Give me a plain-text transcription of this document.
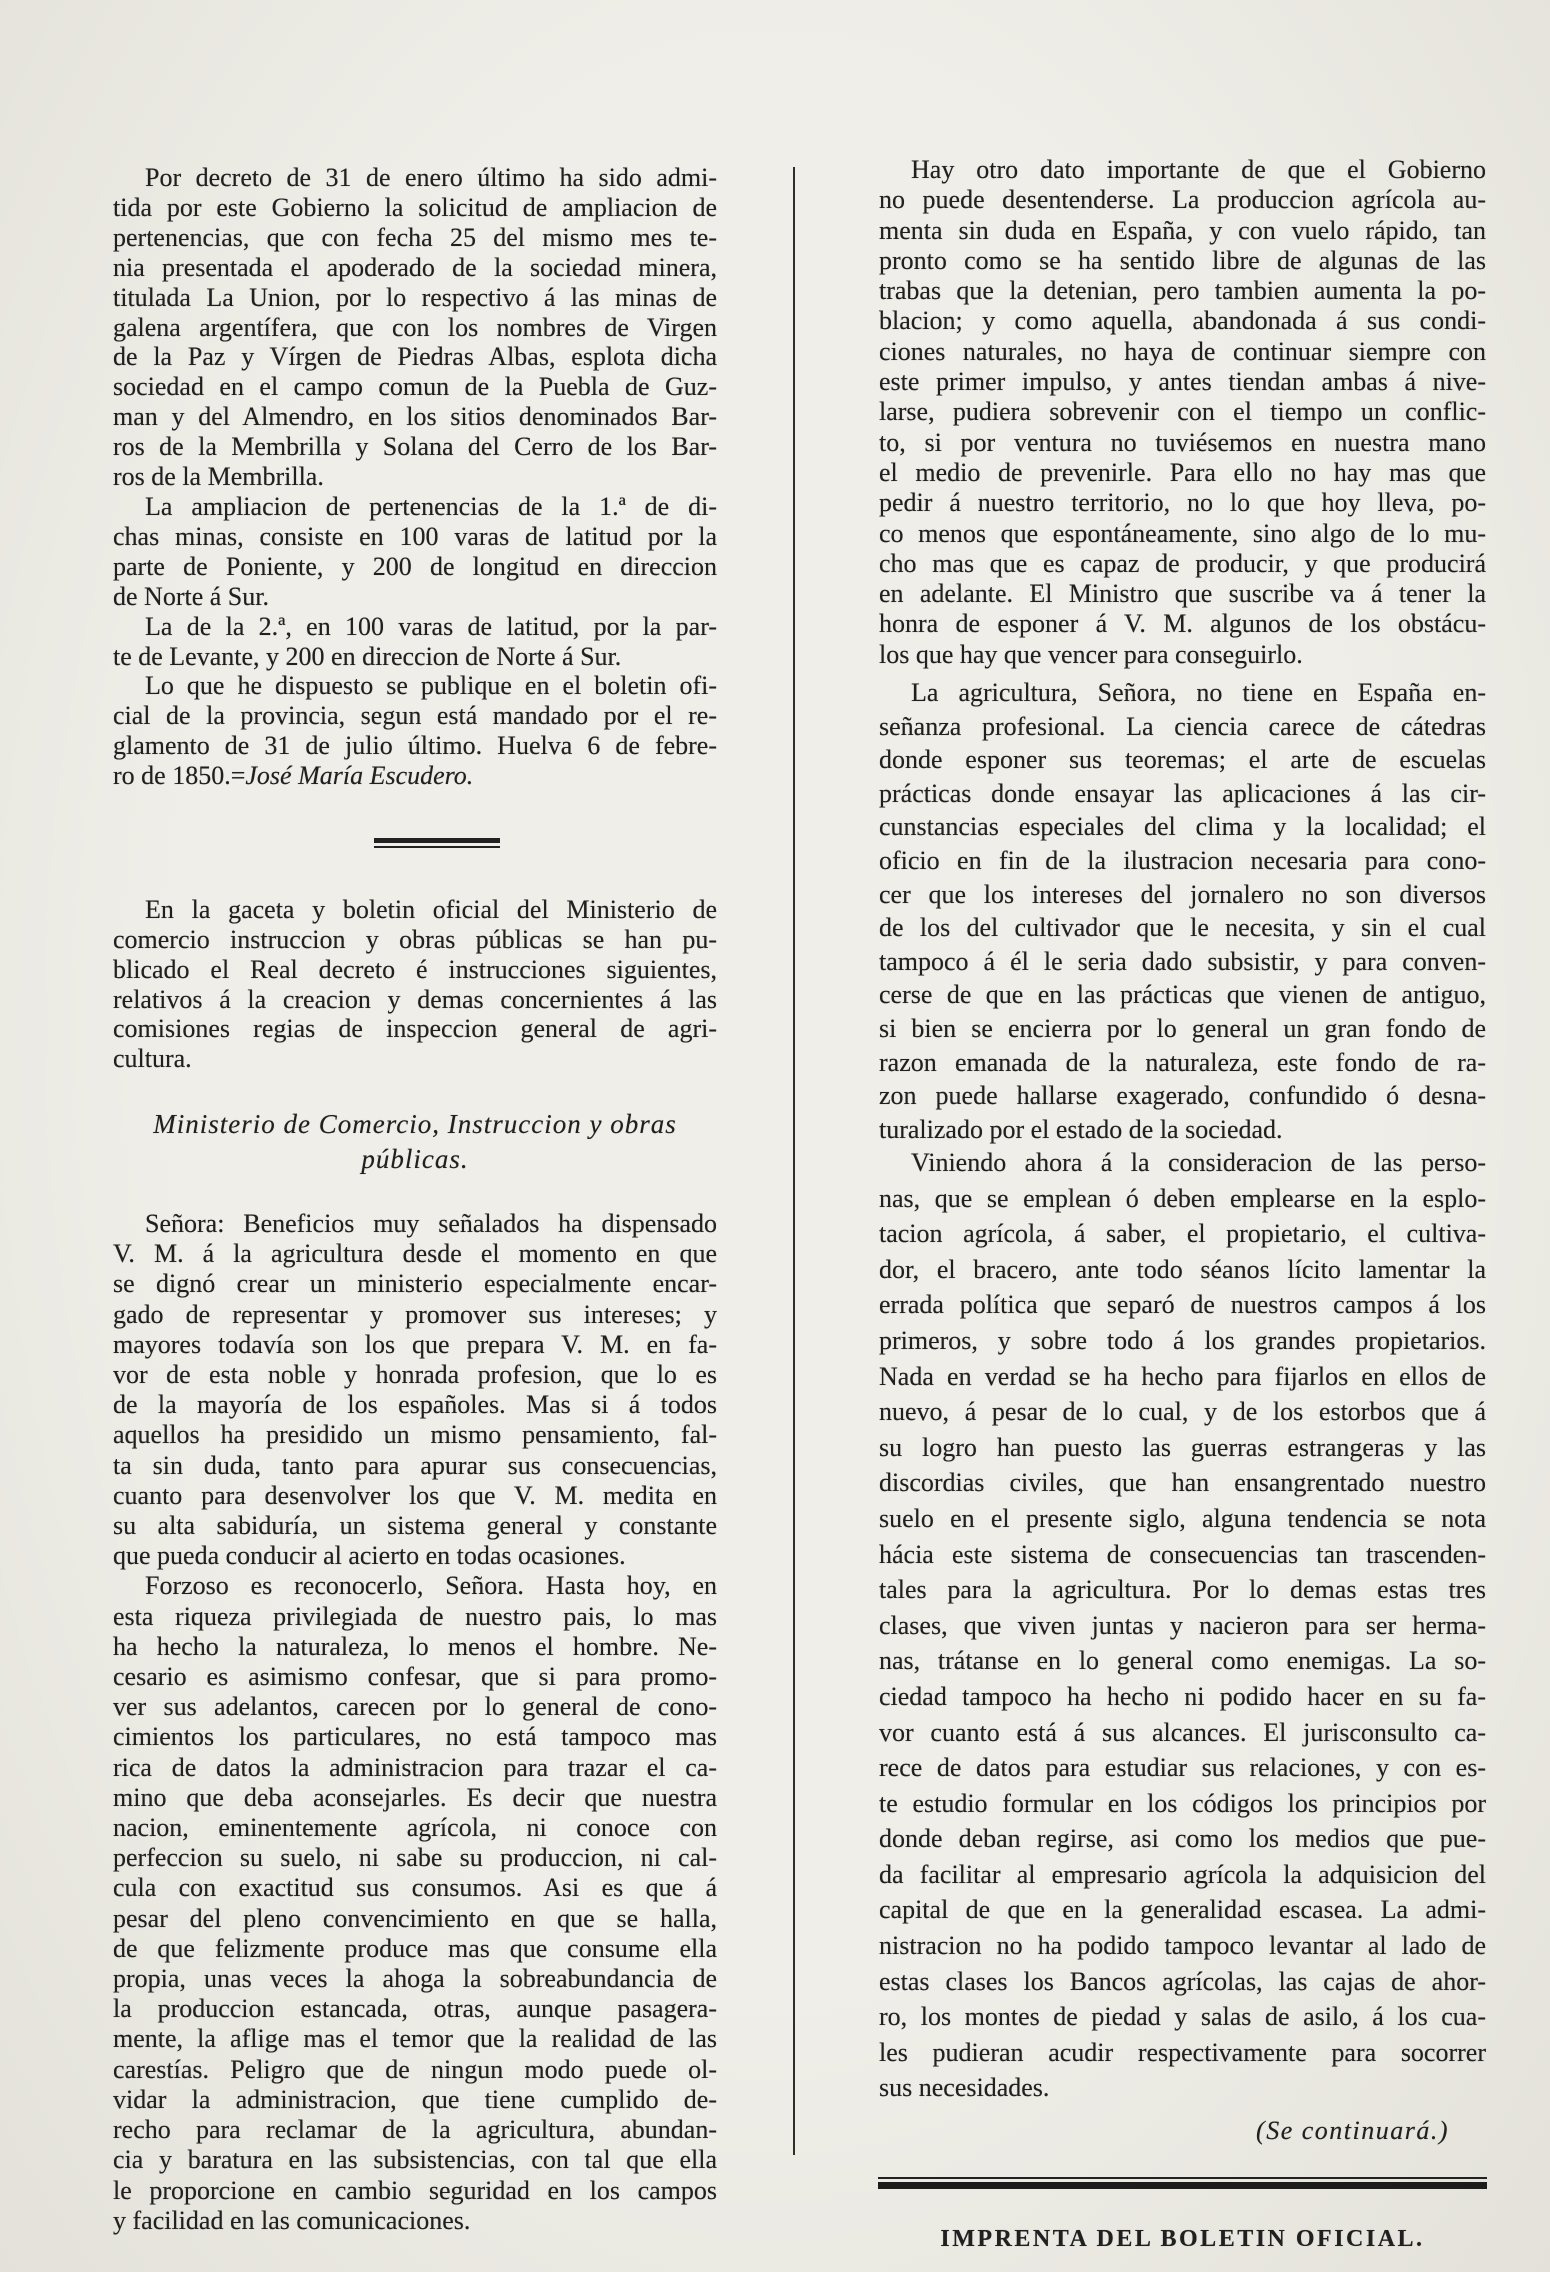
Por decreto de 31 de enero último ha sido admi-
tida por este Gobierno la solicitud de ampliacion de
pertenencias, que con fecha 25 del mismo mes te-
nia presentada el apoderado de la sociedad minera,
titulada La Union, por lo respectivo á las minas de
galena argentífera, que con los nombres de Virgen
de la Paz y Vírgen de Piedras Albas, esplota dicha
sociedad en el campo comun de la Puebla de Guz-
man y del Almendro, en los sitios denominados Bar-
ros de la Membrilla y Solana del Cerro de los Bar-
ros de la Membrilla.
La ampliacion de pertenencias de la 1.ª de di-
chas minas, consiste en 100 varas de latitud por la
parte de Poniente, y 200 de longitud en direccion
de Norte á Sur.
La de la 2.ª, en 100 varas de latitud, por la par-
te de Levante, y 200 en direccion de Norte á Sur.
Lo que he dispuesto se publique en el boletin ofi-
cial de la provincia, segun está mandado por el re-
glamento de 31 de julio último. Huelva 6 de febre-
ro de 1850.=José María Escudero.
En la gaceta y boletin oficial del Ministerio de
comercio instruccion y obras públicas se han pu-
blicado el Real decreto é instrucciones siguientes,
relativos á la creacion y demas concernientes á las
comisiones regias de inspeccion general de agri-
cultura.
Ministerio de Comercio, Instruccion y obras
públicas.
Señora: Beneficios muy señalados ha dispensado
V. M. á la agricultura desde el momento en que
se dignó crear un ministerio especialmente encar-
gado de representar y promover sus intereses; y
mayores todavía son los que prepara V. M. en fa-
vor de esta noble y honrada profesion, que lo es
de la mayoría de los españoles. Mas si á todos
aquellos ha presidido un mismo pensamiento, fal-
ta sin duda, tanto para apurar sus consecuencias,
cuanto para desenvolver los que V. M. medita en
su alta sabiduría, un sistema general y constante
que pueda conducir al acierto en todas ocasiones.
Forzoso es reconocerlo, Señora. Hasta hoy, en
esta riqueza privilegiada de nuestro pais, lo mas
ha hecho la naturaleza, lo menos el hombre. Ne-
cesario es asimismo confesar, que si para promo-
ver sus adelantos, carecen por lo general de cono-
cimientos los particulares, no está tampoco mas
rica de datos la administracion para trazar el ca-
mino que deba aconsejarles. Es decir que nuestra
nacion, eminentemente agrícola, ni conoce con
perfeccion su suelo, ni sabe su produccion, ni cal-
cula con exactitud sus consumos. Asi es que á
pesar del pleno convencimiento en que se halla,
de que felizmente produce mas que consume ella
propia, unas veces la ahoga la sobreabundancia de
la produccion estancada, otras, aunque pasagera-
mente, la aflige mas el temor que la realidad de las
carestías. Peligro que de ningun modo puede ol-
vidar la administracion, que tiene cumplido de-
recho para reclamar de la agricultura, abundan-
cia y baratura en las subsistencias, con tal que ella
le proporcione en cambio seguridad en los campos
y facilidad en las comunicaciones.
Hay otro dato importante de que el Gobierno
no puede desentenderse. La produccion agrícola au-
menta sin duda en España, y con vuelo rápido, tan
pronto como se ha sentido libre de algunas de las
trabas que la detenian, pero tambien aumenta la po-
blacion; y como aquella, abandonada á sus condi-
ciones naturales, no haya de continuar siempre con
este primer impulso, y antes tiendan ambas á nive-
larse, pudiera sobrevenir con el tiempo un conflic-
to, si por ventura no tuviésemos en nuestra mano
el medio de prevenirle. Para ello no hay mas que
pedir á nuestro territorio, no lo que hoy lleva, po-
co menos que espontáneamente, sino algo de lo mu-
cho mas que es capaz de producir, y que producirá
en adelante. El Ministro que suscribe va á tener la
honra de esponer á V. M. algunos de los obstácu-
los que hay que vencer para conseguirlo.
La agricultura, Señora, no tiene en España en-
señanza profesional. La ciencia carece de cátedras
donde esponer sus teoremas; el arte de escuelas
prácticas donde ensayar las aplicaciones á las cir-
cunstancias especiales del clima y la localidad; el
oficio en fin de la ilustracion necesaria para cono-
cer que los intereses del jornalero no son diversos
de los del cultivador que le necesita, y sin el cual
tampoco á él le seria dado subsistir, y para conven-
cerse de que en las prácticas que vienen de antiguo,
si bien se encierra por lo general un gran fondo de
razon emanada de la naturaleza, este fondo de ra-
zon puede hallarse exagerado, confundido ó desna-
turalizado por el estado de la sociedad.
Viniendo ahora á la consideracion de las perso-
nas, que se emplean ó deben emplearse en la esplo-
tacion agrícola, á saber, el propietario, el cultiva-
dor, el bracero, ante todo séanos lícito lamentar la
errada política que separó de nuestros campos á los
primeros, y sobre todo á los grandes propietarios.
Nada en verdad se ha hecho para fijarlos en ellos de
nuevo, á pesar de lo cual, y de los estorbos que á
su logro han puesto las guerras estrangeras y las
discordias civiles, que han ensangrentado nuestro
suelo en el presente siglo, alguna tendencia se nota
hácia este sistema de consecuencias tan trascenden-
tales para la agricultura. Por lo demas estas tres
clases, que viven juntas y nacieron para ser herma-
nas, trátanse en lo general como enemigas. La so-
ciedad tampoco ha hecho ni podido hacer en su fa-
vor cuanto está á sus alcances. El jurisconsulto ca-
rece de datos para estudiar sus relaciones, y con es-
te estudio formular en los códigos los principios por
donde deban regirse, asi como los medios que pue-
da facilitar al empresario agrícola la adquisicion del
capital de que en la generalidad escasea. La admi-
nistracion no ha podido tampoco levantar al lado de
estas clases los Bancos agrícolas, las cajas de ahor-
ro, los montes de piedad y salas de asilo, á los cua-
les pudieran acudir respectivamente para socorrer
sus necesidades.
(Se continuará.)
IMPRENTA DEL BOLETIN OFICIAL.
